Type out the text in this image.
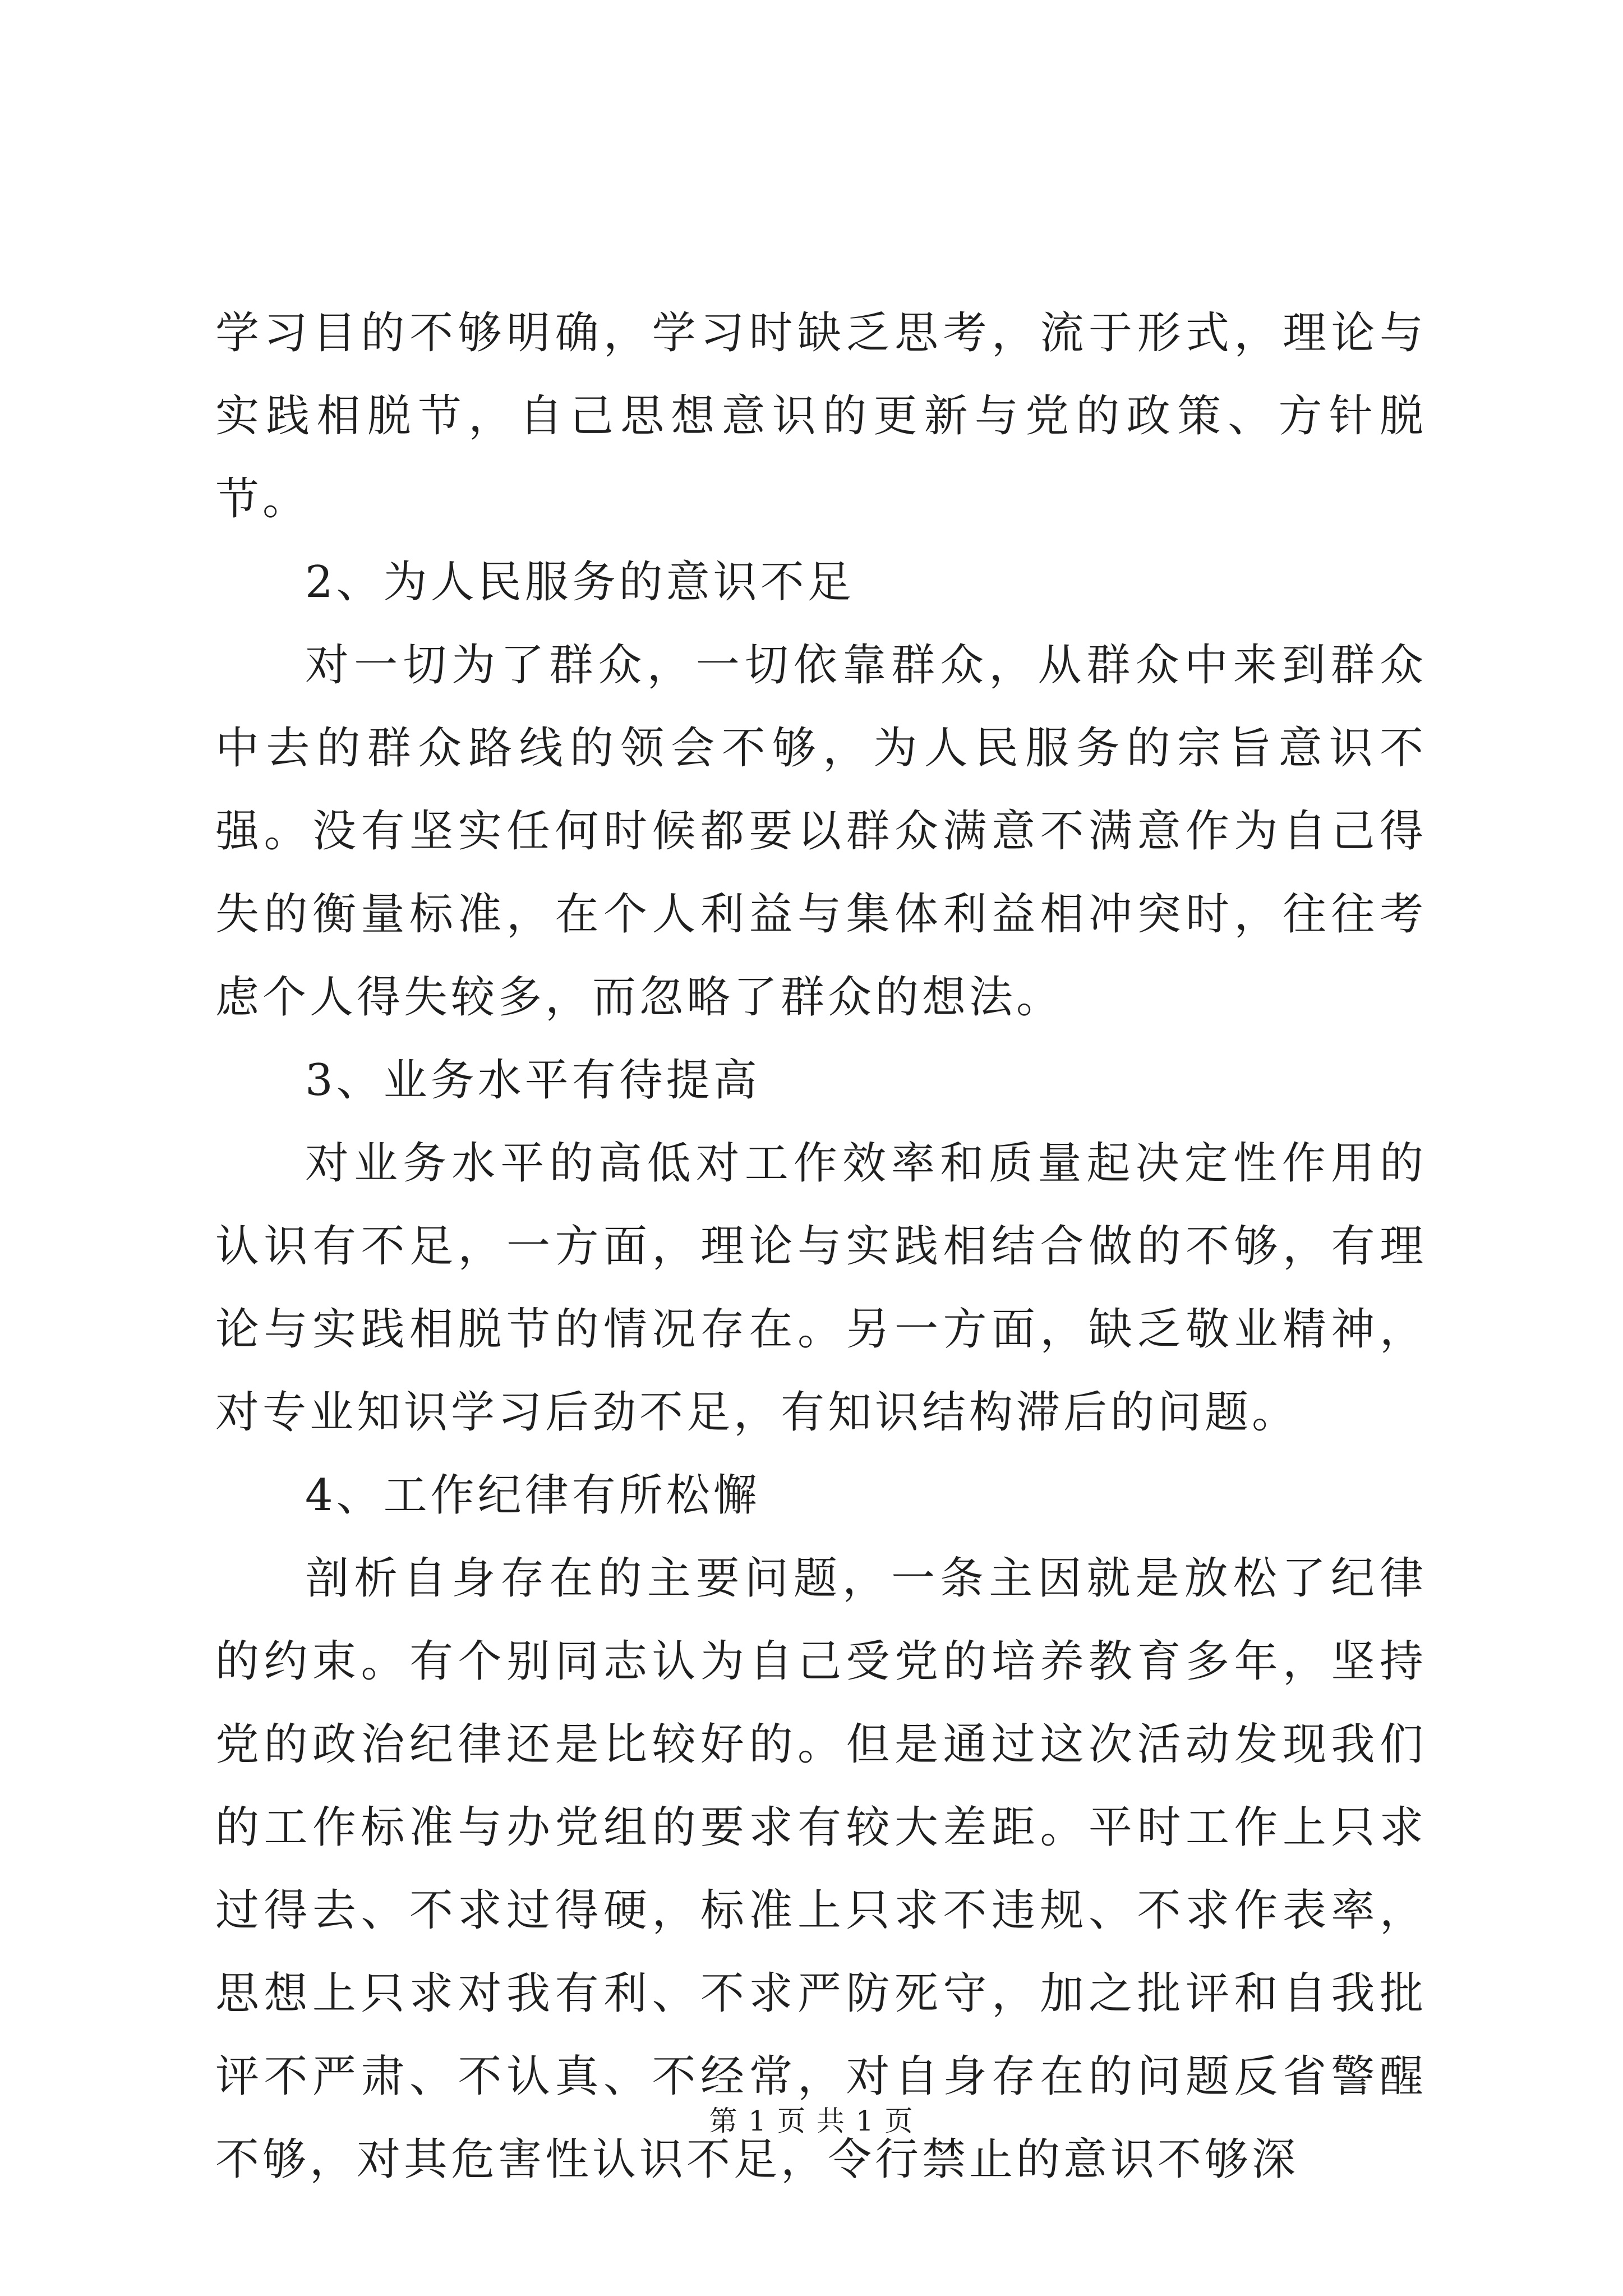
学习目的不够明确，学习时缺乏思考，流于形式，理论与实践相脱节，自己思想意识的更新与党的政策、方针脱节。

2、为人民服务的意识不足

对一切为了群众，一切依靠群众，从群众中来到群众中去的群众路线的领会不够，为人民服务的宗旨意识不强。没有坚实任何时候都要以群众满意不满意作为自己得失的衡量标准，在个人利益与集体利益相冲突时，往往考虑个人得失较多，而忽略了群众的想法。

3、业务水平有待提高

对业务水平的高低对工作效率和质量起决定性作用的认识有不足，一方面，理论与实践相结合做的不够，有理论与实践相脱节的情况存在。另一方面，缺乏敬业精神，对专业知识学习后劲不足，有知识结构滞后的问题。

4、工作纪律有所松懈

剖析自身存在的主要问题，一条主因就是放松了纪律的约束。有个别同志认为自己受党的培养教育多年，坚持党的政治纪律还是比较好的。但是通过这次活动发现我们的工作标准与办党组的要求有较大差距。平时工作上只求过得去、不求过得硬，标准上只求不违规、不求作表率，思想上只求对我有利、不求严防死守，加之批评和自我批评不严肃、不认真、不经常，对自身存在的问题反省警醒不够，对其危害性认识不足，令行禁止的意识不够深

第 1 页 共 1 页
